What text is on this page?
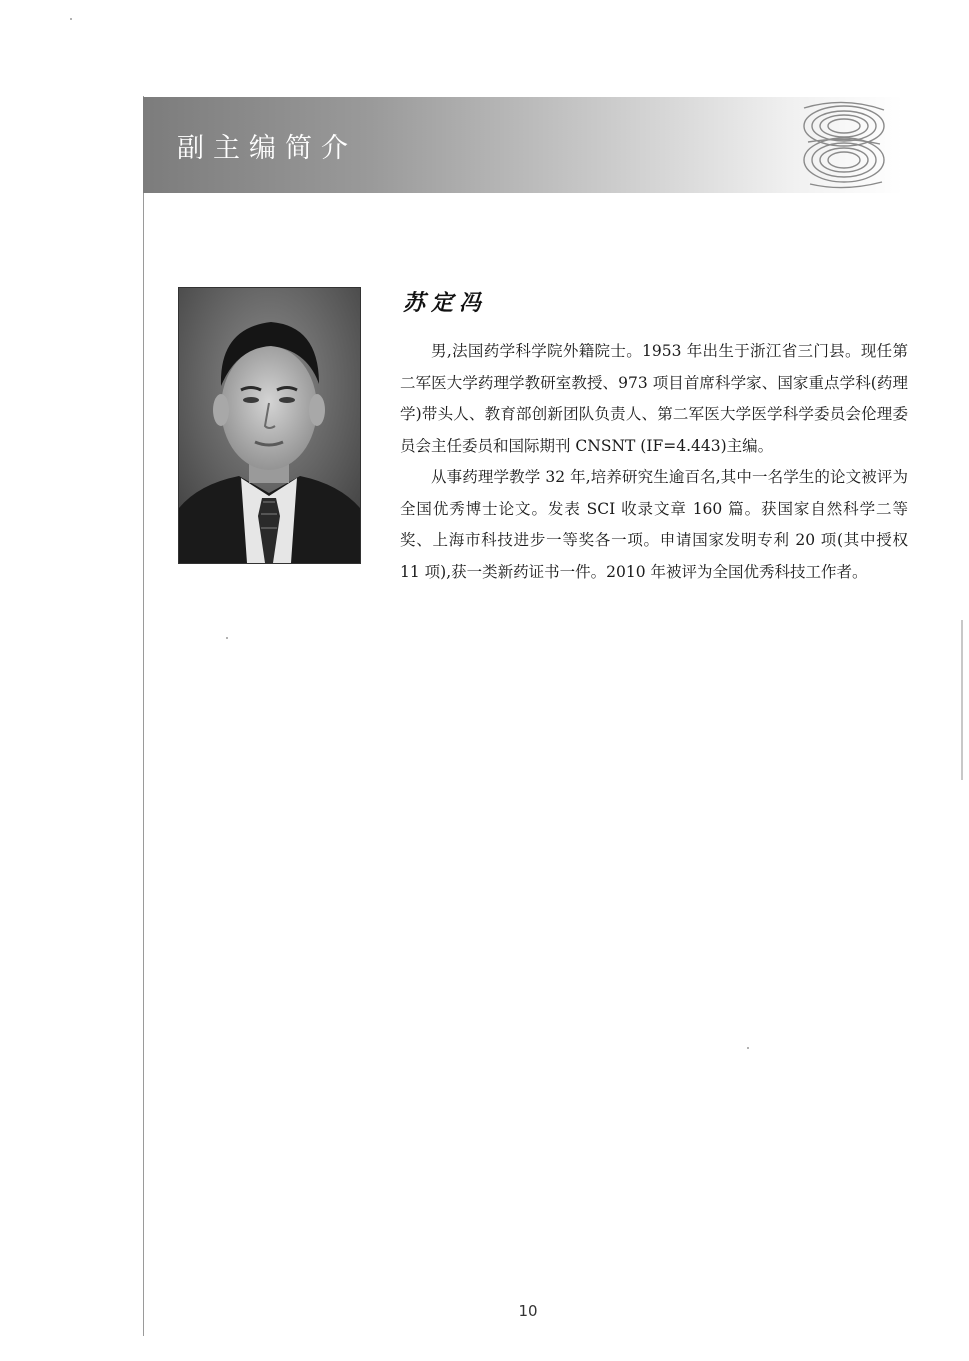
副主编简介
苏定冯

男,法国药学科学院外籍院士。1953 年出生于浙江省三门县。现任第二军医大学药理学教研室教授、973 项目首席科学家、国家重点学科(药理学)带头人、教育部创新团队负责人、第二军医大学医学科学委员会伦理委员会主任委员和国际期刊 CNSNT (IF=4.443)主编。

从事药理学教学 32 年,培养研究生逾百名,其中一名学生的论文被评为全国优秀博士论文。发表 SCI 收录文章 160 篇。获国家自然科学二等奖、上海市科技进步一等奖各一项。申请国家发明专利 20 项(其中授权 11 项),获一类新药证书一件。2010 年被评为全国优秀科技工作者。

10
